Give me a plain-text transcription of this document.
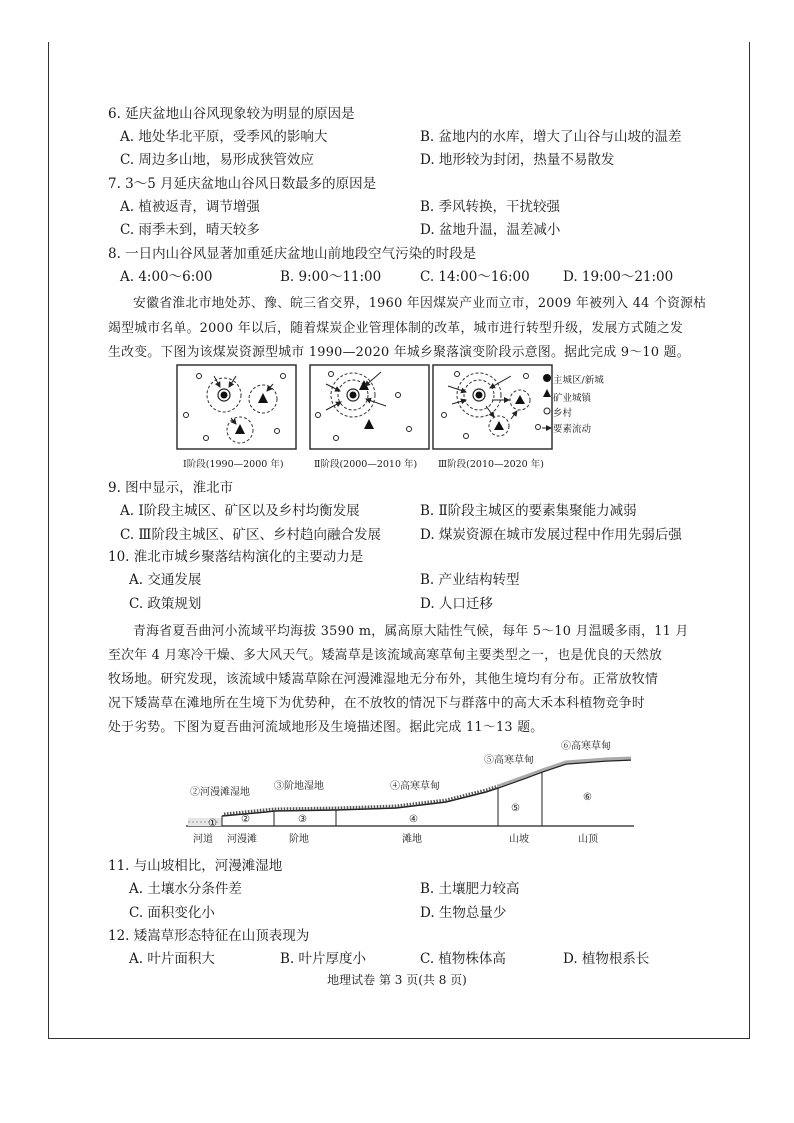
6. 延庆盆地山谷风现象较为明显的原因是
A. 地处华北平原，受季风的影响大	B. 盆地内的水库，增大了山谷与山坡的温差
C. 周边多山地，易形成狭管效应	D. 地形较为封闭，热量不易散发
7. 3～5 月延庆盆地山谷风日数最多的原因是
A. 植被返青，调节增强	B. 季风转换，干扰较强
C. 雨季未到，晴天较多	D. 盆地升温，温差减小
8. 一日内山谷风显著加重延庆盆地山前地段空气污染的时段是
A. 4:00～6:00	B. 9:00～11:00	C. 14:00～16:00 D. 19:00～21:00
安徽省淮北市地处苏、豫、皖三省交界，1960 年因煤炭产业而立市，2009 年被列入 44 个资源枯
竭型城市名单。2000 年以后，随着煤炭企业管理体制的改革，城市进行转型升级，发展方式随之发
生改变。下图为该煤炭资源型城市 1990—2020 年城乡聚落演变阶段示意图。据此完成 9～10 题。
主城区/新城
矿业城镇
乡村
要素流动
Ⅰ阶段(1990—2000 年)	Ⅱ阶段(2000—2010 年) Ⅲ阶段(2010—2020 年)
9. 图中显示，淮北市
A. Ⅰ阶段主城区、矿区以及乡村均衡发展	B. Ⅱ阶段主城区的要素集聚能力减弱
C. Ⅲ阶段主城区、矿区、乡村趋向融合发展	D. 煤炭资源在城市发展过程中作用先弱后强
10. 淮北市城乡聚落结构演化的主要动力是
A. 交通发展	B. 产业结构转型
C. 政策规划	D. 人口迁移
青海省夏吾曲河小流域平均海拔 3590 m，属高原大陆性气候，每年 5～10 月温暖多雨，11 月
至次年 4 月寒冷干燥、多大风天气。矮嵩草是该流域高寒草甸主要类型之一，也是优良的天然放
牧场地。研究发现，该流域中矮嵩草除在河漫滩湿地无分布外，其他生境均有分布。正常放牧情
况下矮嵩草在滩地所在生境下为优势种，在不放牧的情况下与群落中的高大禾本科植物竞争时
处于劣势。下图为夏吾曲河流域地形及生境描述图。据此完成 11～13 题。
① ②	③	④
⑤
⑥
②河漫滩湿地
③阶地湿地	④高寒草甸
⑤高寒草甸
⑥高寒草甸
河道 河漫滩	阶地	滩地	山坡	山顶
11. 与山坡相比，河漫滩湿地
A. 土壤水分条件差	B. 土壤肥力较高
C. 面积变化小	D. 生物总量少
12. 矮嵩草形态特征在山顶表现为
A. 叶片面积大	B. 叶片厚度小	C. 植物株体高	D. 植物根系长
地理试卷 第 3 页(共 8 页)
